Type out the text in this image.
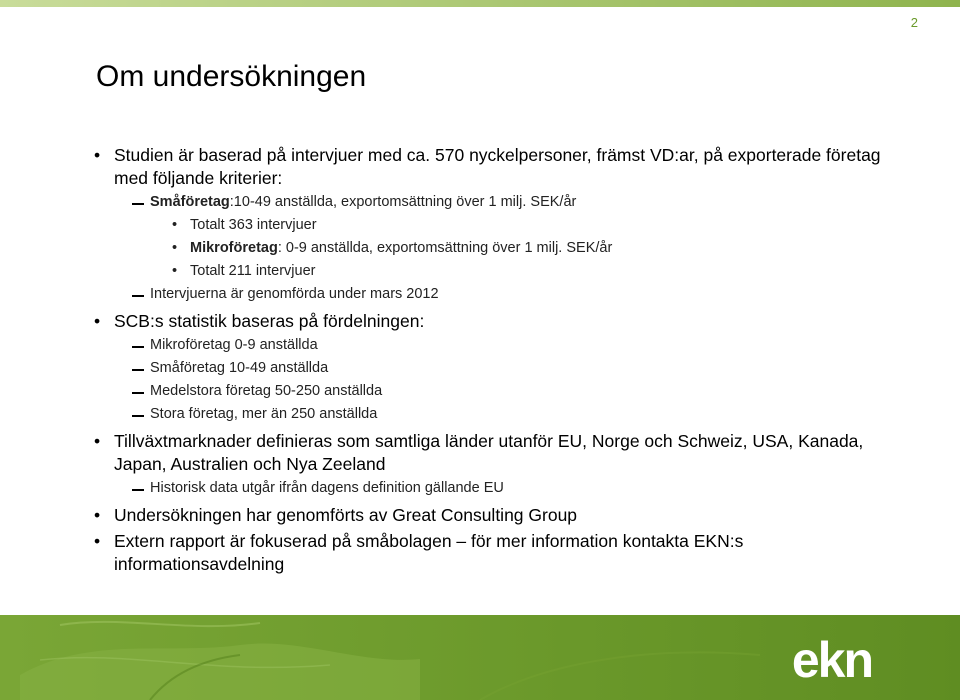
2
Om undersökningen
• Studien är baserad på intervjuer med ca. 570 nyckelpersoner, främst VD:ar, på exporterade företag med följande kriterier:
Småföretag:10-49 anställda, exportomsättning över 1 milj. SEK/år
• Totalt 363 intervjuer
• Mikroföretag: 0-9 anställda, exportomsättning över 1 milj. SEK/år
• Totalt 211 intervjuer
Intervjuerna är genomförda under mars 2012
• SCB:s statistik baseras på fördelningen:
Mikroföretag 0-9 anställda
Småföretag 10-49 anställda
Medelstora företag 50-250 anställda
Stora företag, mer än 250 anställda
• Tillväxtmarknader definieras som samtliga länder utanför EU, Norge och Schweiz, USA, Kanada, Japan, Australien och Nya Zeeland
Historisk data utgår ifrån dagens definition gällande EU
• Undersökningen har genomförts av Great Consulting Group
• Extern rapport är fokuserad på småbolagen – för mer information kontakta EKN:s informationsavdelning
ekn
